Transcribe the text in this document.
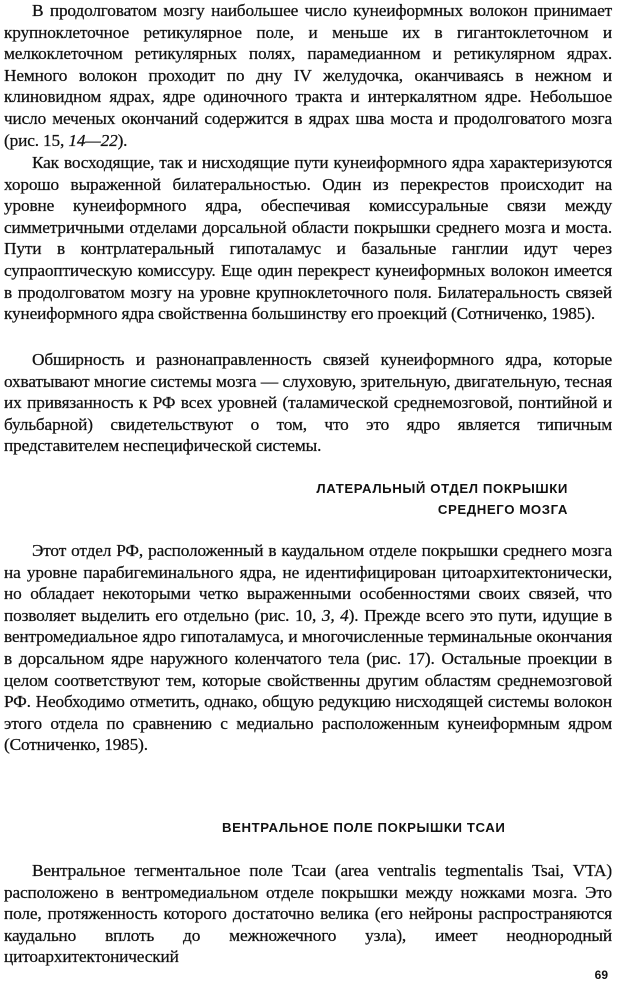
В продолговатом мозгу наибольшее число кунеиформных волокон принимает крупноклеточное ретикулярное поле, и меньше их в гигантоклеточном и мелкоклеточном ретикулярных полях, парамедианном и ретикулярном ядрах. Немного волокон проходит по дну IV желудочка, оканчиваясь в нежном и клиновидном ядрах, ядре одиночного тракта и интеркалятном ядре. Небольшое число меченых окончаний содержится в ядрах шва моста и продолговатого мозга (рис. 15, 14—22).

Как восходящие, так и нисходящие пути кунеиформного ядра характеризуются хорошо выраженной билатеральностью. Один из перекрестов происходит на уровне кунеиформного ядра, обеспечивая комиссуральные связи между симметричными отделами дорсальной области покрышки среднего мозга и моста. Пути в контрлатеральный гипоталамус и базальные ганглии идут через супраоптическую комиссуру. Еще один перекрест кунеиформных волокон имеется в продолговатом мозгу на уровне крупноклеточного поля. Билатеральность связей кунеиформного ядра свойственна большинству его проекций (Сотниченко, 1985).

Обширность и разнонаправленность связей кунеиформного ядра, которые охватывают многие системы мозга — слуховую, зрительную, двигательную, тесная их привязанность к РФ всех уровней (таламической среднемозговой, понтийной и бульбарной) свидетельствуют о том, что это ядро является типичным представителем неспецифической системы.

ЛАТЕРАЛЬНЫЙ ОТДЕЛ ПОКРЫШКИ
СРЕДНЕГО МОЗГА

Этот отдел РФ, расположенный в каудальном отделе покрышки среднего мозга на уровне парабигеминального ядра, не идентифицирован цитоархитектонически, но обладает некоторыми четко выраженными особенностями своих связей, что позволяет выделить его отдельно (рис. 10, 3, 4). Прежде всего это пути, идущие в вентромедиальное ядро гипоталамуса, и многочисленные терминальные окончания в дорсальном ядре наружного коленчатого тела (рис. 17). Остальные проекции в целом соответствуют тем, которые свойственны другим областям среднемозговой РФ. Необходимо отметить, однако, общую редукцию нисходящей системы волокон этого отдела по сравнению с медиально расположенным кунеиформным ядром (Сотниченко, 1985).

ВЕНТРАЛЬНОЕ ПОЛЕ ПОКРЫШКИ ТСАИ

Вентральное тегментальное поле Тсаи (area ventralis tegmentalis Tsai, VTA) расположено в вентромедиальном отделе покрышки между ножками мозга. Это поле, протяженность которого достаточно велика (его нейроны распространяются каудально вплоть до межножечного узла), имеет неоднородный цитоархитектонический

69
